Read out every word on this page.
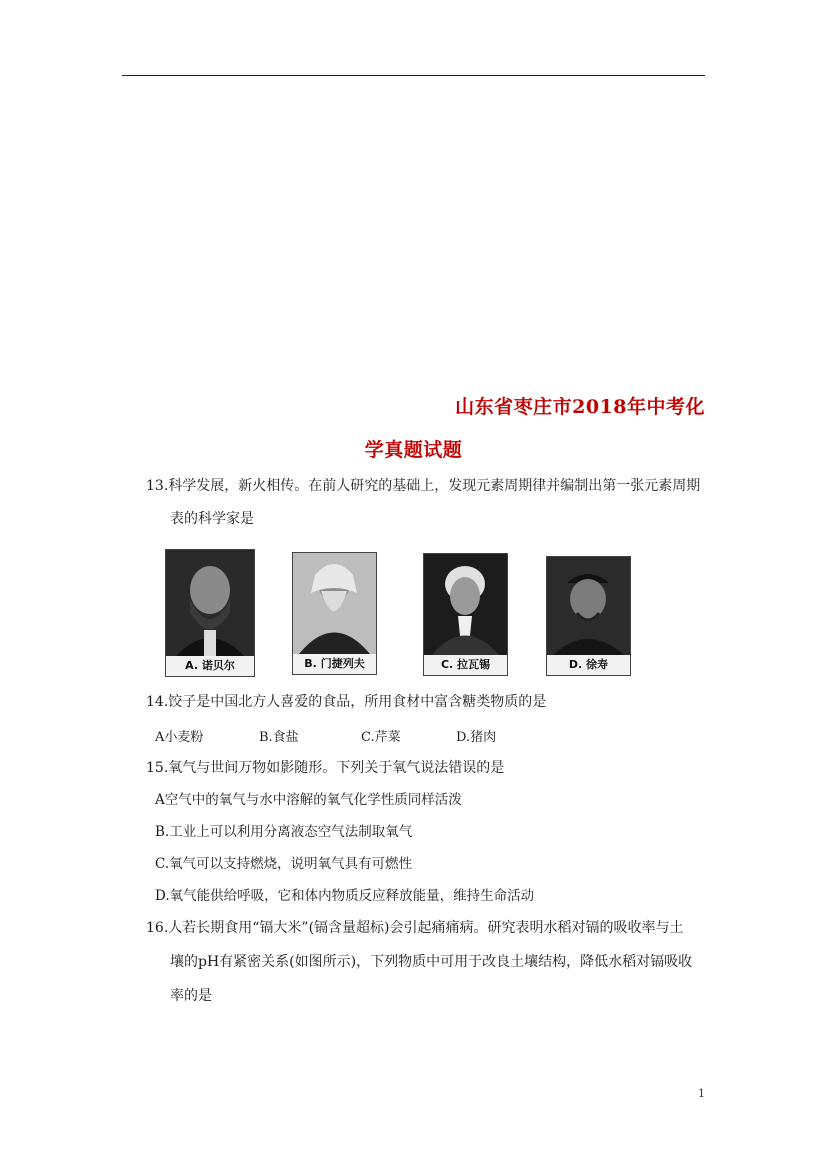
山东省枣庄市2018年中考化
学真题试题
13.科学发展，新火相传。在前人研究的基础上，发现元素周期律并编制出第一张元素周期
表的科学家是
A. 诺贝尔	B. 门捷列夫	C. 拉瓦锡	D. 徐寿
14.饺子是中国北方人喜爱的食品，所用食材中富含糖类物质的是
A小麦粉	B.食盐	C.芹菜	D.猪肉
15.氧气与世间万物如影随形。下列关于氧气说法错误的是
A空气中的氧气与水中溶解的氧气化学性质同样活泼
B.工业上可以利用分离液态空气法制取氧气
C.氧气可以支持燃烧，说明氧气具有可燃性
D.氧气能供给呼吸，它和体内物质反应释放能量，维持生命活动
16.人若长期食用“镉大米”(镉含量超标)会引起痛痛病。研究表明水稻对镉的吸收率与土
壤的pH有紧密关系(如图所示)，下列物质中可用于改良土壤结构，降低水稻对镉吸收
率的是
1
